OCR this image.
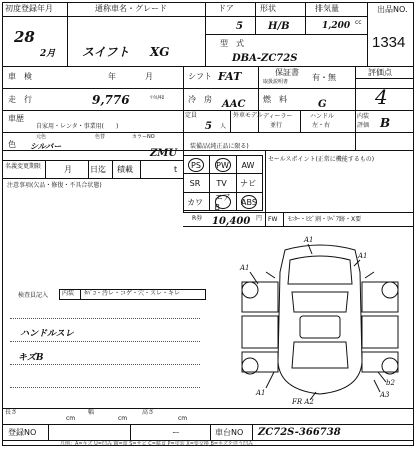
初度登録年月
28
2月
通称車名・グレード
スイフト XG
ドア
5
形状
H/B
排気量
1,200 cc
型　式
DBA-ZC72S
出品NO.
1334
車　検	年	月	シフト FAT	保証書
取扱説明書	有・無
評価点
4
走　行	9,776	ﾏｲﾙ/ｷﾛ	冷　房 AAC 燃　料	G
車歴
自家用・レンタ・事業用(　　)
定員
5 人
外車モデル ディーラー
並行
ハンドル
左・右
内装
評価 B
色
元色	色替	カラーNO
シルバー
ZMU
名義変更期限	月 日迄 積載	t
注意事項(欠品・修復・不具合状態)
装備品(純正品に限る)
PS	PW	AW
SR	TV	ナビ
カワ	エアB
ABS
R券 10,400 円
セールスポイント(正常に機能するもの)
FW ﾓﾆﾀｰ・ﾋﾋﾞ割・ﾘﾍﾟｱ跡・X要
検査員記入 内装 ﾀﾊﾞｺ・汚レ・コゲ・穴・スレ・キレ
ハンドルスレ
キズB
A1
A1
A1
A1
b2
A3
FR A2
長さ
cm
幅
cm
高さ
cm
登録NO	ー	車台NO ZC72S-366738
凡例：A=キズ U=凹み W=波 S=サビ C=腐食 P=塗装 X=要交換 B=キズを伴う凹み
